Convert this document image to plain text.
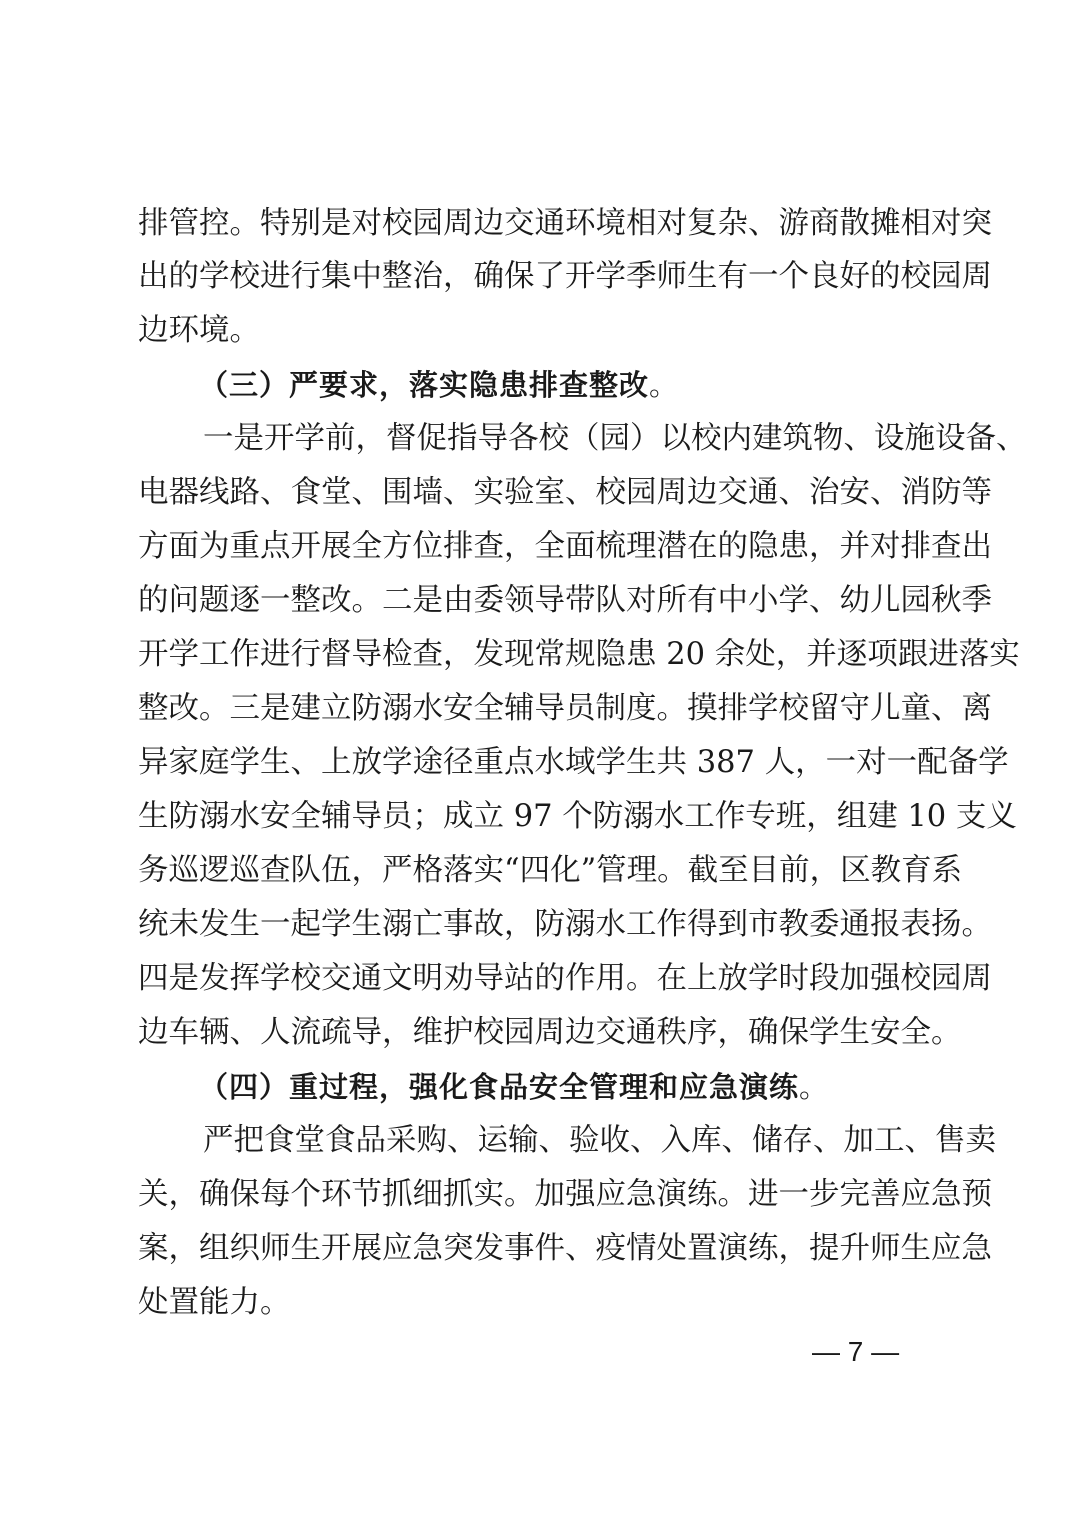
排管控。特别是对校园周边交通环境相对复杂、游商散摊相对突
出的学校进行集中整治，确保了开学季师生有一个良好的校园周
边环境。
（三）严要求，落实隐患排查整改。
一是开学前，督促指导各校（园）以校内建筑物、设施设备、
电器线路、食堂、围墙、实验室、校园周边交通、治安、消防等
方面为重点开展全方位排查，全面梳理潜在的隐患，并对排查出
的问题逐一整改。二是由委领导带队对所有中小学、幼儿园秋季
开学工作进行督导检查，发现常规隐患 20 余处，并逐项跟进落实
整改。三是建立防溺水安全辅导员制度。摸排学校留守儿童、离
异家庭学生、上放学途径重点水域学生共 387 人，一对一配备学
生防溺水安全辅导员；成立 97 个防溺水工作专班，组建 10 支义
务巡逻巡查队伍，严格落实“四化”管理。截至目前，区教育系
统未发生一起学生溺亡事故，防溺水工作得到市教委通报表扬。
四是发挥学校交通文明劝导站的作用。在上放学时段加强校园周
边车辆、人流疏导，维护校园周边交通秩序，确保学生安全。
（四）重过程，强化食品安全管理和应急演练。
严把食堂食品采购、运输、验收、入库、储存、加工、售卖
关，确保每个环节抓细抓实。加强应急演练。进一步完善应急预
案，组织师生开展应急突发事件、疫情处置演练，提升师生应急
处置能力。
— 7 —
